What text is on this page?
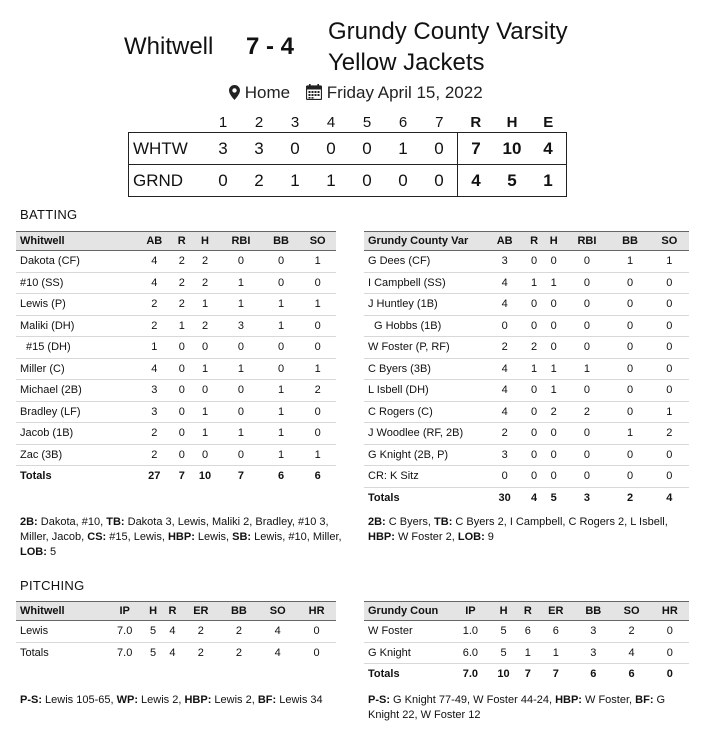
Whitwell 7 - 4
Grundy County Varsity
Yellow Jackets
Home	Friday April 15, 2022
	1	2	3	4	5	6	7	R	H	E
WHTW	3	3	0	0	0	1	0	7	10	4
GRND	0	2	1	1	0	0	0	4	5	1
BATTING
Whitwell	AB	R	H	RBI	BB	SO
Dakota (CF)	4	2	2	0	0	1
#10 (SS)	4	2	2	1	0	0
Lewis (P)	2	2	1	1	1	1
Maliki (DH)	2	1	2	3	1	0
#15 (DH)	1	0	0	0	0	0
Miller (C)	4	0	1	1	0	1
Michael (2B)	3	0	0	0	1	2
Bradley (LF)	3	0	1	0	1	0
Jacob (1B)	2	0	1	1	1	0
Zac (3B)	2	0	0	0	1	1
Totals	27	7	10	7	6	6
Grundy County Var	AB	R	H	RBI	BB	SO
G Dees (CF)	3	0	0	0	1	1
I Campbell (SS)	4	1	1	0	0	0
J Huntley (1B)	4	0	0	0	0	0
G Hobbs (1B)	0	0	0	0	0	0
W Foster (P, RF)	2	2	0	0	0	0
C Byers (3B)	4	1	1	1	0	0
L Isbell (DH)	4	0	1	0	0	0
C Rogers (C)	4	0	2	2	0	1
J Woodlee (RF, 2B)	2	0	0	0	1	2
G Knight (2B, P)	3	0	0	0	0	0
CR: K Sitz	0	0	0	0	0	0
Totals	30	4	5	3	2	4
2B: Dakota, #10, TB: Dakota 3, Lewis, Maliki 2, Bradley, #10 3, Miller, Jacob, CS: #15, Lewis, HBP: Lewis, SB: Lewis, #10, Miller, LOB: 5
2B: C Byers, TB: C Byers 2, I Campbell, C Rogers 2, L Isbell, HBP: W Foster 2, LOB: 9
PITCHING
Whitwell	IP	H	R	ER	BB	SO	HR
Lewis	7.0	5	4	2	2	4	0
Totals	7.0	5	4	2	2	4	0
Grundy Coun	IP	H	R	ER	BB	SO	HR
W Foster	1.0	5	6	6	3	2	0
G Knight	6.0	5	1	1	3	4	0
Totals	7.0	10	7	7	6	6	0
P-S: Lewis 105-65, WP: Lewis 2, HBP: Lewis 2, BF: Lewis 34	P-S: G Knight 77-49, W Foster 44-24, HBP: W Foster, BF: G Knight 22, W Foster 12
